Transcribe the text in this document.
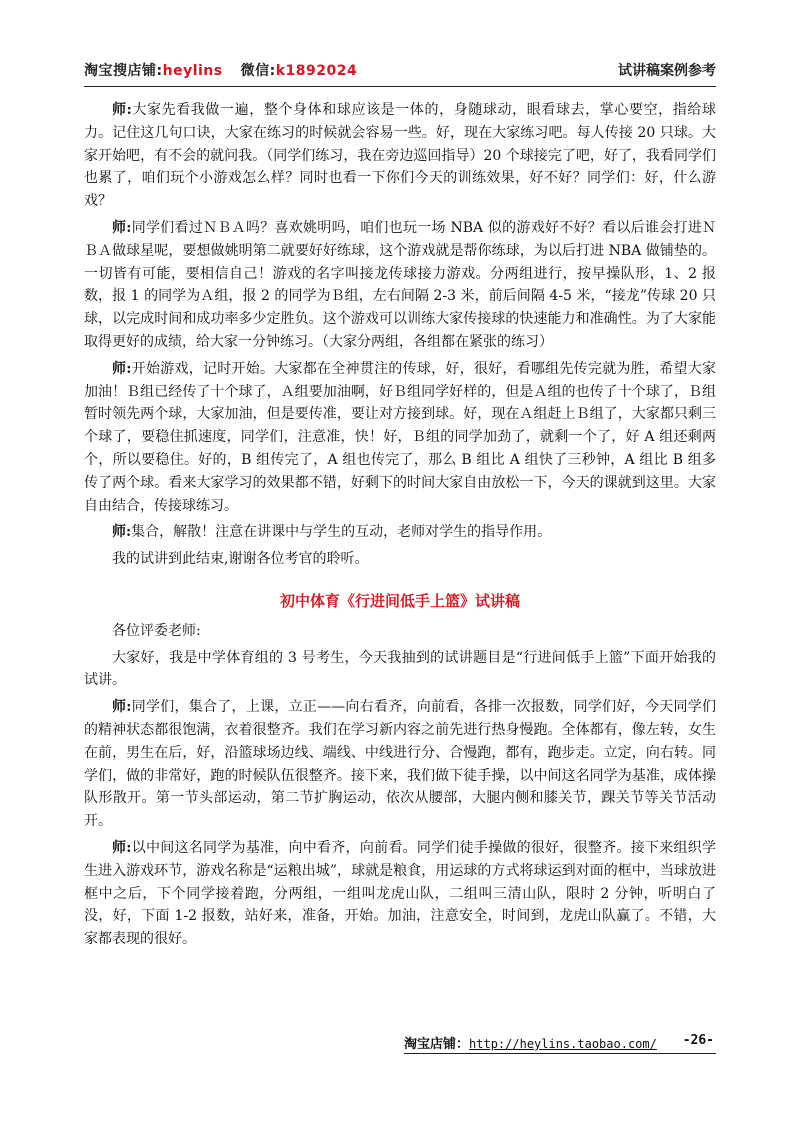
淘宝搜店铺:heylins 微信:k1892024	试讲稿案例参考

师:大家先看我做一遍，整个身体和球应该是一体的，身随球动，眼看球去，掌心要空，指给球力。记住这几句口诀，大家在练习的时候就会容易一些。好，现在大家练习吧。每人传接 20 只球。大家开始吧，有不会的就问我。（同学们练习，我在旁边巡回指导）20 个球接完了吧，好了，我看同学们也累了，咱们玩个小游戏怎么样？同时也看一下你们今天的训练效果，好不好？同学们：好，什么游戏？

师:同学们看过ＮＢＡ吗？喜欢姚明吗，咱们也玩一场 NBA 似的游戏好不好？看以后谁会打进ＮＢＡ做球星呢，要想做姚明第二就要好好练球，这个游戏就是帮你练球，为以后打进 NBA 做铺垫的。一切皆有可能，要相信自己！游戏的名字叫接龙传球接力游戏。分两组进行，按早操队形，1、2 报数，报 1 的同学为Ａ组，报 2 的同学为Ｂ组，左右间隔 2-3 米，前后间隔 4-5 米，“接龙”传球 20 只球，以完成时间和成功率多少定胜负。这个游戏可以训练大家传接球的快速能力和准确性。为了大家能取得更好的成绩，给大家一分钟练习。（大家分两组，各组都在紧张的练习）

师:开始游戏，记时开始。大家都在全神贯注的传球，好，很好，看哪组先传完就为胜，希望大家加油！Ｂ组已经传了十个球了，Ａ组要加油啊，好Ｂ组同学好样的，但是Ａ组的也传了十个球了，Ｂ组暂时领先两个球，大家加油，但是要传准，要让对方接到球。好，现在Ａ组赶上Ｂ组了，大家都只剩三个球了，要稳住抓速度，同学们，注意准，快！好，Ｂ组的同学加劲了，就剩一个了，好 A 组还剩两个，所以要稳住。好的，B 组传完了，A 组也传完了，那么 B 组比 A 组快了三秒钟，A 组比 B 组多传了两个球。看来大家学习的效果都不错，好剩下的时间大家自由放松一下，今天的课就到这里。大家自由结合，传接球练习。

师:集合，解散！注意在讲课中与学生的互动，老师对学生的指导作用。

我的试讲到此结束,谢谢各位考官的聆听。

初中体育《行进间低手上篮》试讲稿

各位评委老师:

大家好，我是中学体育组的 3 号考生，今天我抽到的试讲题目是“行进间低手上篮”下面开始我的试讲。

师:同学们，集合了，上课，立正——向右看齐，向前看，各排一次报数，同学们好，今天同学们的精神状态都很饱满，衣着很整齐。我们在学习新内容之前先进行热身慢跑。全体都有，像左转，女生在前，男生在后，好，沿篮球场边线、端线、中线进行分、合慢跑，都有，跑步走。立定，向右转。同学们，做的非常好，跑的时候队伍很整齐。接下来，我们做下徒手操，以中间这名同学为基准，成体操队形散开。第一节头部运动，第二节扩胸运动，依次从腰部，大腿内侧和膝关节，踝关节等关节活动开。

师:以中间这名同学为基准，向中看齐，向前看。同学们徒手操做的很好，很整齐。接下来组织学生进入游戏环节，游戏名称是“运粮出城”，球就是粮食，用运球的方式将球运到对面的框中，当球放进框中之后，下个同学接着跑，分两组，一组叫龙虎山队，二组叫三清山队，限时 2 分钟，听明白了没，好，下面 1-2 报数，站好来，准备，开始。加油，注意安全，时间到，龙虎山队赢了。不错，大家都表现的很好。

淘宝店铺：http://heylins.taobao.com/ -26-
